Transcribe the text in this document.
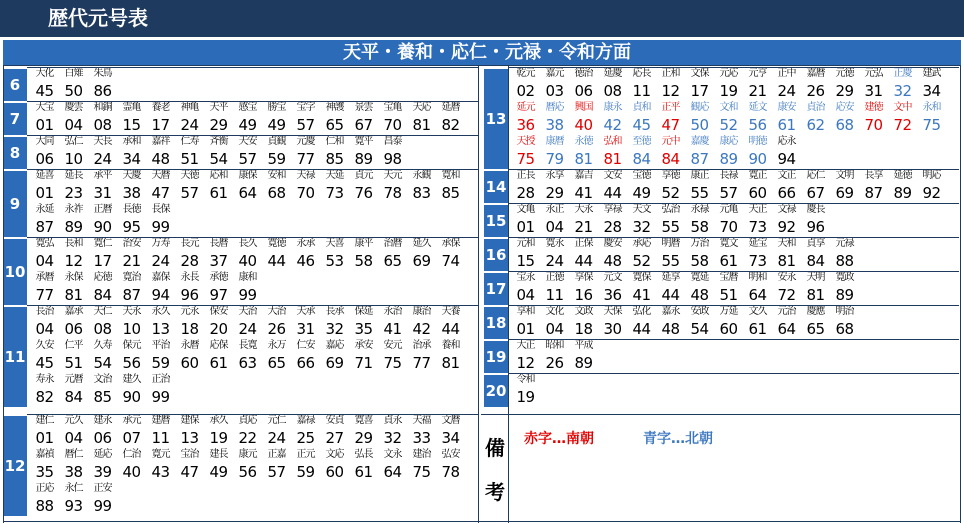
歴代元号表
天平・養和・応仁・元禄・令和方面
6
大化
45
白雉
50
朱鳥
86
7
大宝
01
慶雲
04
和銅
08
霊亀
15
養老
17
神亀
24
天平
29
感宝
49
勝宝
49
宝字
57
神護
65
景雲
67
宝亀
70
天応
81
延暦
82
8
大同
06
弘仁
10
天長
24
承和
34
嘉祥
48
仁寿
51
斉衡
54
天安
57
貞観
59
元慶
77
仁和
85
寛平
89
昌泰
98
9
延喜
01
延長
23
承平
31
天慶
38
天暦
47
天徳
57
応和
61
康保
64
安和
68
天禄
70
天延
73
貞元
76
天元
78
永観
83
寛和
85
永延
87
永祚
89
正暦
90
長徳
95
長保
99
10
寛弘
04
長和
12
寛仁
17
治安
21
万寿
24
長元
28
長暦
37
長久
40
寛徳
44
永承
46
天喜
53
康平
58
治暦
65
延久
69
承保
74
承暦
77
永保
81
応徳
84
寛治
87
嘉保
94
永長
96
承徳
97
康和
99
11
長治
04
嘉承
06
天仁
08
天永
10
永久
13
元永
18
保安
20
天治
24
大治
26
天承
31
長承
32
保延
35
永治
41
康治
42
天養
44
久安
45
仁平
51
久寿
54
保元
56
平治
59
永暦
60
応保
61
長寛
63
永万
65
仁安
66
嘉応
69
承安
71
安元
75
治承
77
養和
81
寿永
82
元暦
84
文治
85
建久
90
正治
99
12
建仁
01
元久
04
建永
06
承元
07
建暦
11
建保
13
承久
19
貞応
22
元仁
24
嘉禄
25
安貞
27
寛喜
29
貞永
32
天福
33
文暦
34
嘉禎
35
暦仁
38
延応
39
仁治
40
寛元
43
宝治
47
建長
49
康元
56
正嘉
57
正元
59
文応
60
弘長
61
文永
64
建治
75
弘安
78
正応
88
永仁
93
正安
99
13
乾元
02
嘉元
03
徳治
06
延慶
08
応長
11
正和
12
文保
17
元応
19
元亨
21
正中
24
嘉暦
26
元徳
29
元弘
31
正慶
32
建武
34
延元
36
暦応
38
興国
40
康永
42
貞和
45
正平
47
観応
50
文和
52
延文
56
康安
61
貞治
62
応安
68
建徳
70
文中
72
永和
75
天授
75
康暦
79
永徳
81
弘和
81
至徳
84
元中
84
嘉慶
87
康応
89
明徳
90
応永
94
14
正長
28
永享
29
嘉吉
41
文安
44
宝徳
49
享徳
52
康正
55
長禄
57
寛正
60
文正
66
応仁
67
文明
69
長享
87
延徳
89
明応
92
15
文亀
01
永正
04
大永
21
享禄
28
天文
32
弘治
55
永禄
58
元亀
70
天正
73
文禄
92
慶長
96
16
元和
15
寛永
24
正保
44
慶安
48
承応
52
明暦
55
万治
58
寛文
61
延宝
73
天和
81
貞享
84
元禄
88
17
宝永
04
正徳
11
享保
16
元文
36
寛保
41
延享
44
寛延
48
宝暦
51
明和
64
安永
72
天明
81
寛政
89
18
享和
01
文化
04
文政
18
天保
30
弘化
44
嘉永
48
安政
54
万延
60
文久
61
元治
64
慶應
65
明治
68
19
大正
12
昭和
26
平成
89
20
令和
19
備考
赤字…南朝	青字…北朝
